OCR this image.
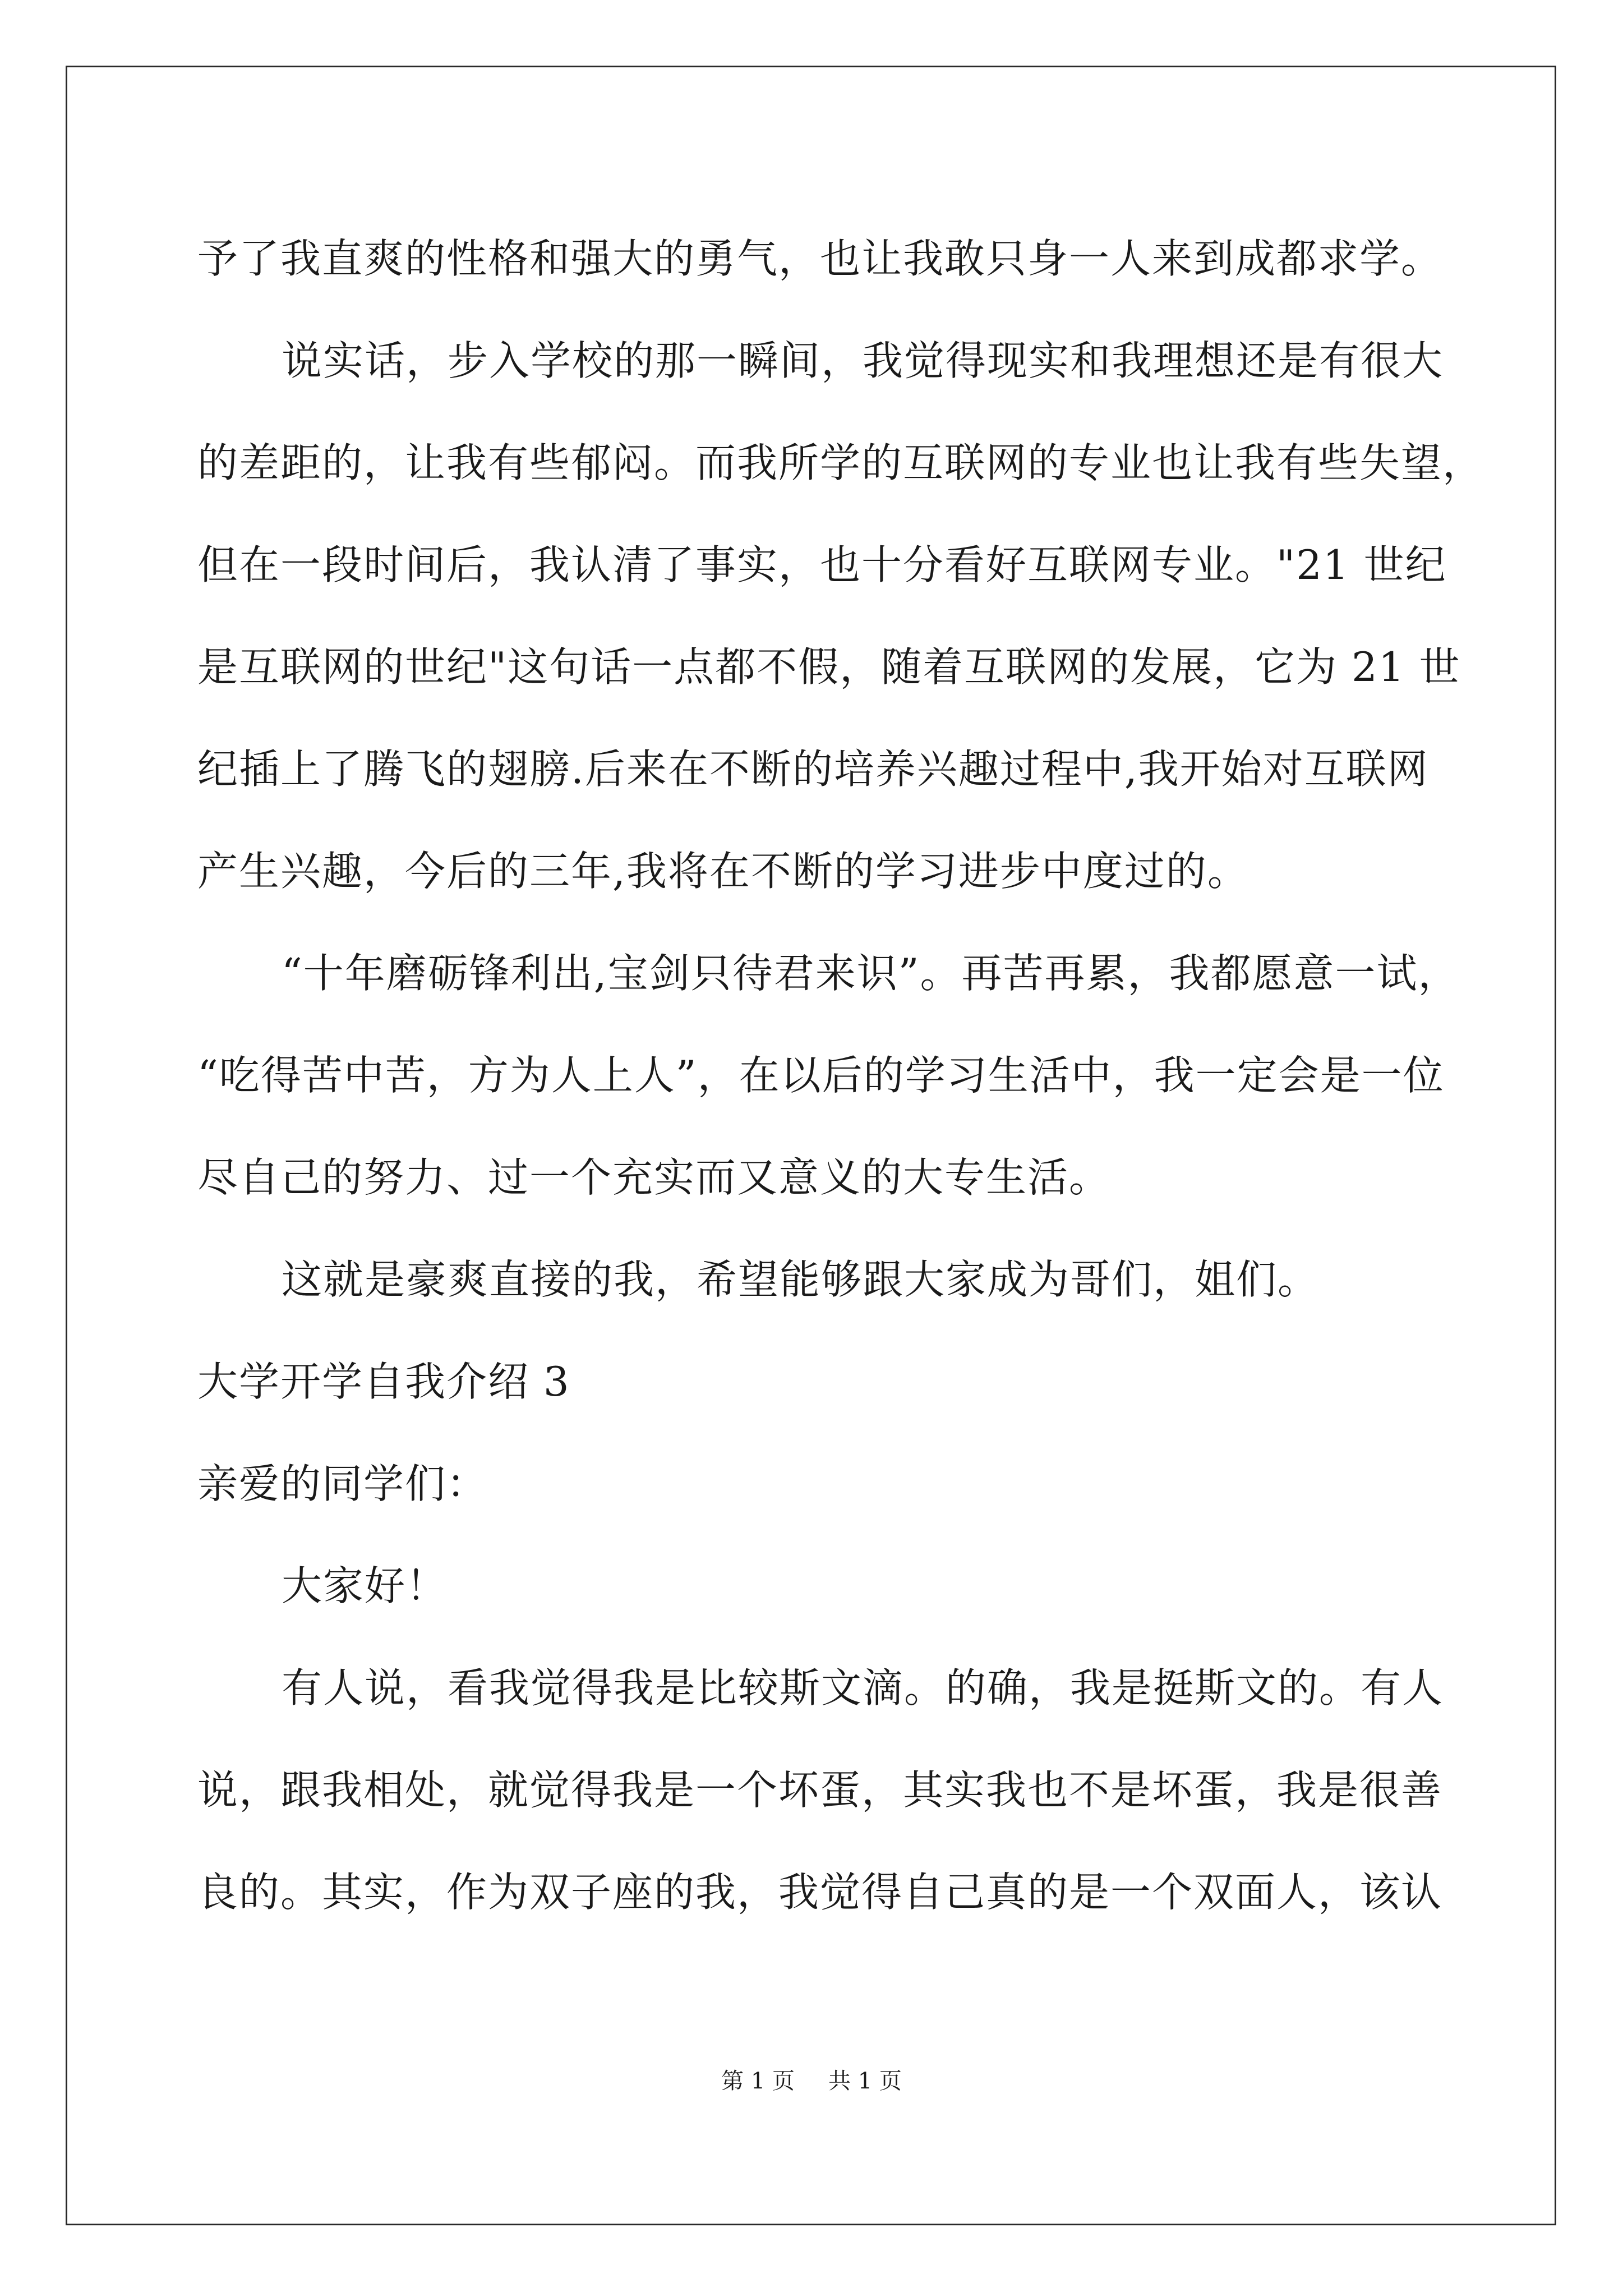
予了我直爽的性格和强大的勇气，也让我敢只身一人来到成都求学。
说实话，步入学校的那一瞬间，我觉得现实和我理想还是有很大
的差距的，让我有些郁闷。而我所学的互联网的专业也让我有些失望，
但在一段时间后，我认清了事实，也十分看好互联网专业。"21 世纪
是互联网的世纪"这句话一点都不假，随着互联网的发展，它为 21 世
纪插上了腾飞的翅膀.后来在不断的培养兴趣过程中,我开始对互联网
产生兴趣，今后的三年,我将在不断的学习进步中度过的。
“十年磨砺锋利出,宝剑只待君来识”。再苦再累，我都愿意一试，
“吃得苦中苦，方为人上人”，在以后的学习生活中，我一定会是一位
尽自己的努力、过一个充实而又意义的大专生活。
这就是豪爽直接的我，希望能够跟大家成为哥们，姐们。
大学开学自我介绍 3
亲爱的同学们：
大家好！
有人说，看我觉得我是比较斯文滴。的确，我是挺斯文的。有人
说，跟我相处，就觉得我是一个坏蛋，其实我也不是坏蛋，我是很善
良的。其实，作为双子座的我，我觉得自己真的是一个双面人，该认
第 1 页 共 1 页
